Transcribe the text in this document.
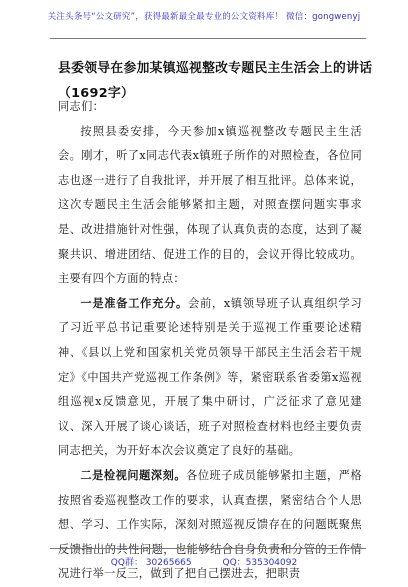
关注头条号“公文研究”，获得最新最全最专业的公文资料库！ 微信：gongwenyj
县委领导在参加某镇巡视整改专题民主生活会上的讲话（1692字）

同志们：

按照县委安排，今天参加x镇巡视整改专题民主生活会。刚才，听了x同志代表x镇班子所作的对照检查，各位同志也逐一进行了自我批评，并开展了相互批评。总体来说，这次专题民主生活会能够紧扣主题，对照查摆问题实事求是、改进措施针对性强，体现了认真负责的态度，达到了凝聚共识、增进团结、促进工作的目的，会议开得比较成功。主要有四个方面的特点：

一是准备工作充分。会前，x镇领导班子认真组织学习了习近平总书记重要论述特别是关于巡视工作重要论述精神、《县以上党和国家机关党员领导干部民主生活会若干规定》《中国共产党巡视工作条例》等，紧密联系省委第x巡视组巡视x反馈意见，开展了集中研讨，广泛征求了意见建议、深入开展了谈心谈话，班子对照检查材料也经主要负责同志把关，为开好本次会议奠定了良好的基础。

二是检视问题深刻。各位班子成员能够紧扣主题，严格按照省委巡视整改工作的要求，认真查摆，紧密结合个人思想、学习、工作实际，深刻对照巡视反馈存在的问题既聚焦反馈指出的共性问题，也能够结合自身负责和分管的工作情况进行举一反三，做到了把自己摆进去，把职责

QQ群： 30265665	QQ：535304092
